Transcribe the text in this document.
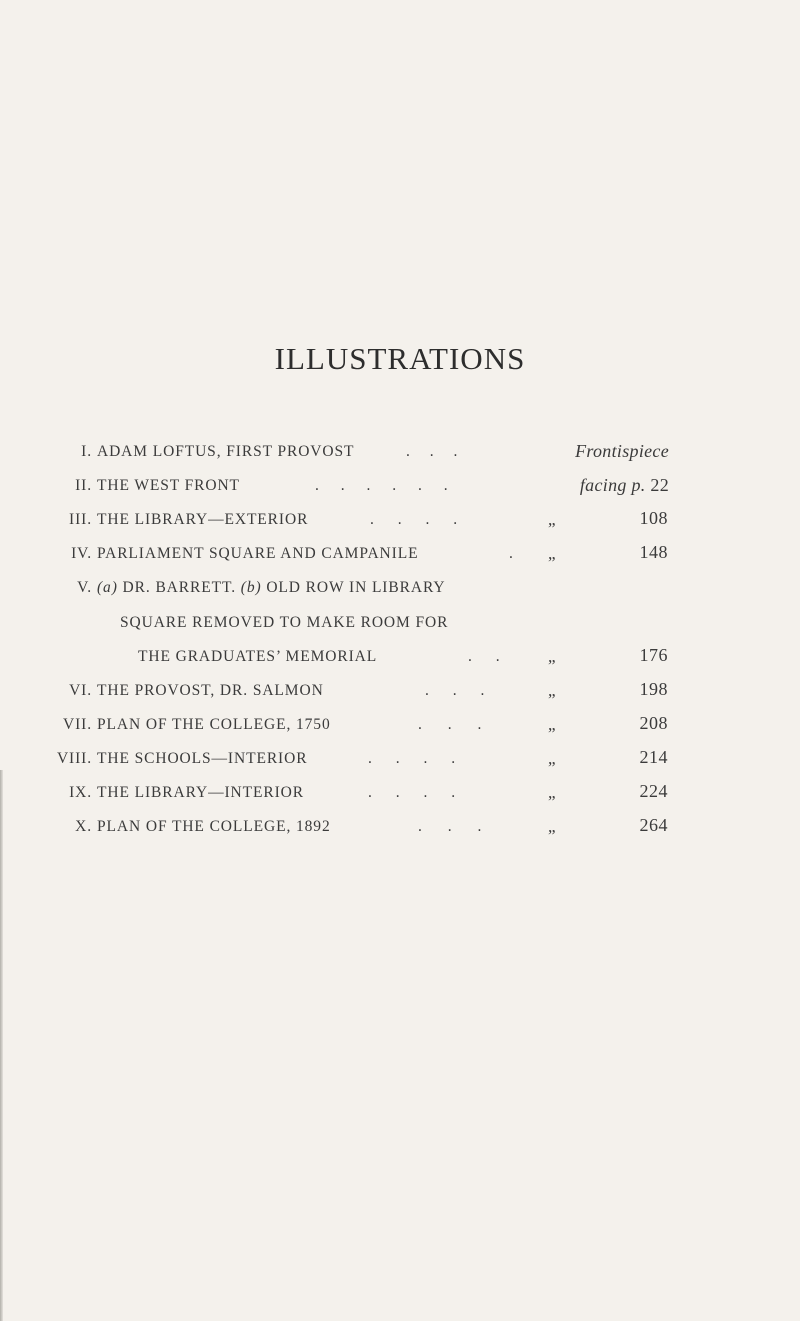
ILLUSTRATIONS
I. ADAM LOFTUS, FIRST PROVOST	. . .	Frontispiece
II. THE WEST FRONT	. . . . . .	facing p. 22
III. THE LIBRARY—EXTERIOR	. . . .	„	108
IV. PARLIAMENT SQUARE AND CAMPANILE	. „	148
V. (a) DR. BARRETT. (b) OLD ROW IN LIBRARY
SQUARE REMOVED TO MAKE ROOM FOR
THE GRADUATES’ MEMORIAL	. .	„	176
VI. THE PROVOST, DR. SALMON	. . .	„	198
VII. PLAN OF THE COLLEGE, 1750	. . .	„	208
VIII. THE SCHOOLS—INTERIOR	. . . .	„	214
IX. THE LIBRARY—INTERIOR	. . . .	„	224
X. PLAN OF THE COLLEGE, 1892	. . .	„	264
